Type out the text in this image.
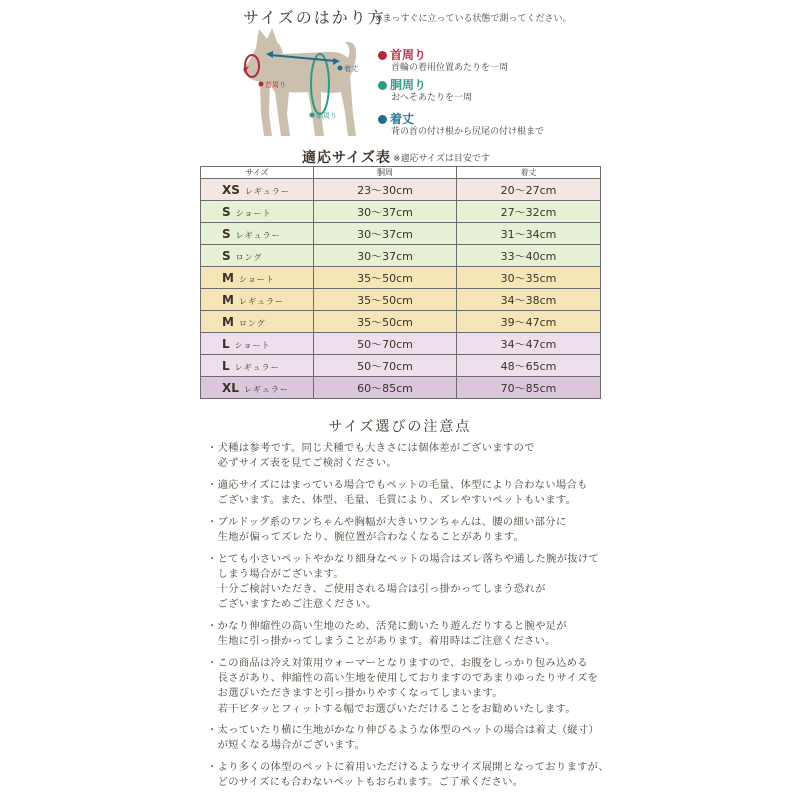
サイズのはかり方
※まっすぐに立っている状態で測ってください。
着丈
首周り
胴周り
首周り
首輪の着用位置あたりを一周
胴周り
おへそあたりを一周
着丈
背の首の付け根から尻尾の付け根まで
適応サイズ表 ※適応サイズは目安です
サイズ	胴周	着丈
XS レギュラー	23〜30cm	20〜27cm
S ショート	30〜37cm	27〜32cm
S レギュラー	30〜37cm	31〜34cm
S ロング	30〜37cm	33〜40cm
M ショート	35〜50cm	30〜35cm
M レギュラー	35〜50cm	34〜38cm
M ロング	35〜50cm	39〜47cm
L ショート	50〜70cm	34〜47cm
L レギュラー	50〜70cm	48〜65cm
XL レギュラー	60〜85cm	70〜85cm
サイズ選びの注意点
・犬種は参考です。同じ犬種でも大きさには個体差がございますので
　必ずサイズ表を見てご検討ください。
・適応サイズにはまっている場合でもペットの毛量、体型により合わない場合も
　ございます。また、体型、毛量、毛質により、ズレやすいペットもいます。
・ブルドッグ系のワンちゃんや胸幅が大きいワンちゃんは、腰の細い部分に
　生地が偏ってズレたり、腕位置が合わなくなることがあります。
・とても小さいペットやかなり細身なペットの場合はズレ落ちや通した腕が抜けて
　しまう場合がございます。
　十分ご検討いただき、ご使用される場合は引っ掛かってしまう恐れが
　ございますためご注意ください。
・かなり伸縮性の高い生地のため、活発に動いたり遊んだりすると腕や足が
　生地に引っ掛かってしまうことがあります。着用時はご注意ください。
・この商品は冷え対策用ウォーマーとなりますので、お腹をしっかり包み込める
　長さがあり、伸縮性の高い生地を使用しておりますのであまりゆったりサイズを
　お選びいただきますと引っ掛かりやすくなってしまいます。
　若干ピタッとフィットする幅でお選びいただけることをお勧めいたします。
・太っていたり横に生地がかなり伸びるような体型のペットの場合は着丈（縦寸）
　が短くなる場合がございます。
・より多くの体型のペットに着用いただけるようなサイズ展開となっておりますが、
　どのサイズにも合わないペットもおられます。ご了承ください。
